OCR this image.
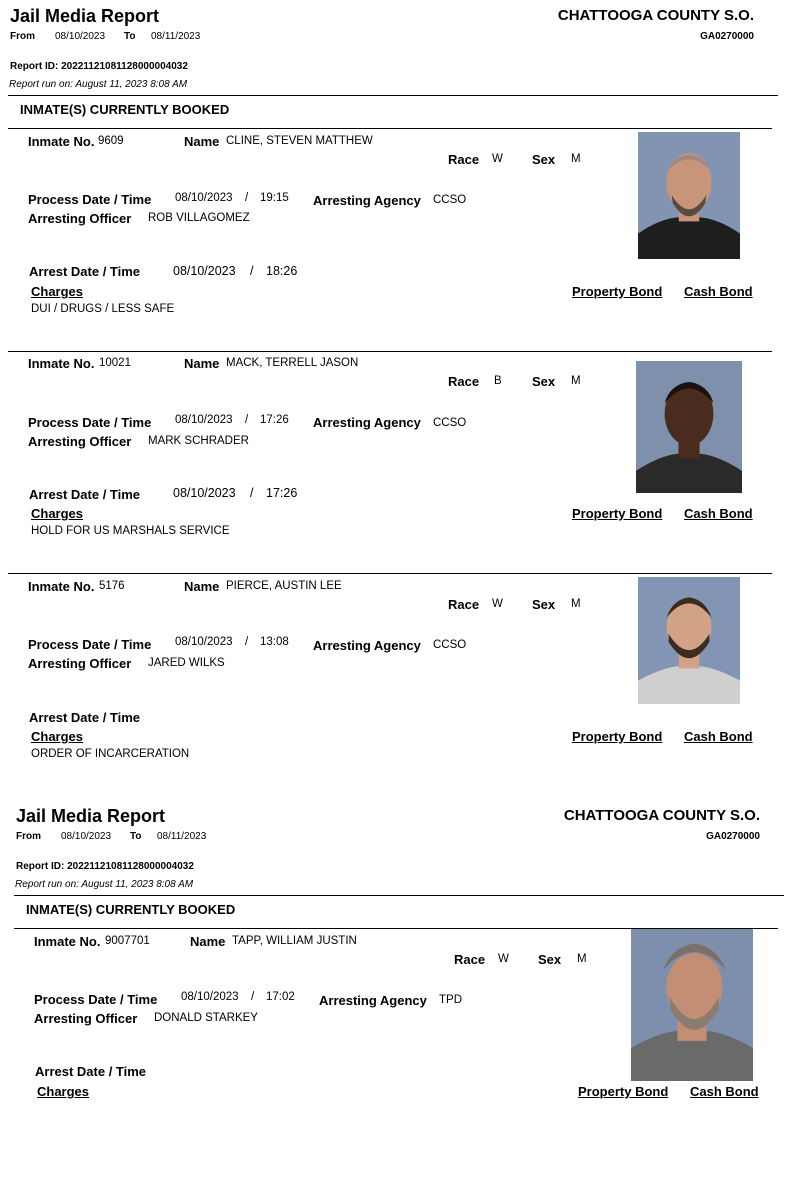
Jail Media Report
From 08/10/2023 To 08/11/2023
CHATTOOGA COUNTY S.O.
GA0270000
Report ID: 20221121081128000004032
Report run on: August 11, 2023 8:08 AM
INMATE(S) CURRENTLY BOOKED
Inmate No. 9609	Name CLINE, STEVEN MATTHEW
Race W Sex M
Process Date / Time 08/10/2023 / 19:15 Arresting Agency CCSO
Arresting Officer ROB VILLAGOMEZ
Arrest Date / Time	08/10/2023 / 18:26
Charges	Property Bond Cash Bond
DUI / DRUGS / LESS SAFE
Inmate No. 10021	Name MACK, TERRELL JASON
Race B Sex M
Process Date / Time 08/10/2023 / 17:26 Arresting Agency CCSO
Arresting Officer MARK SCHRADER
Arrest Date / Time	08/10/2023 / 17:26
Charges	Property Bond Cash Bond
HOLD FOR US MARSHALS SERVICE
Inmate No. 5176	Name PIERCE, AUSTIN LEE
Race W Sex M
Process Date / Time 08/10/2023 / 13:08 Arresting Agency CCSO
Arresting Officer JARED WILKS
Arrest Date / Time
Charges	Property Bond Cash Bond
ORDER OF INCARCERATION
Jail Media Report
From 08/10/2023 To 08/11/2023
CHATTOOGA COUNTY S.O.
GA0270000
Report ID: 20221121081128000004032
Report run on: August 11, 2023 8:08 AM
INMATE(S) CURRENTLY BOOKED
Inmate No. 9007701	Name TAPP, WILLIAM JUSTIN
Race W Sex M
Process Date / Time 08/10/2023 / 17:02 Arresting Agency TPD
Arresting Officer DONALD STARKEY
Arrest Date / Time
Charges	Property Bond Cash Bond
